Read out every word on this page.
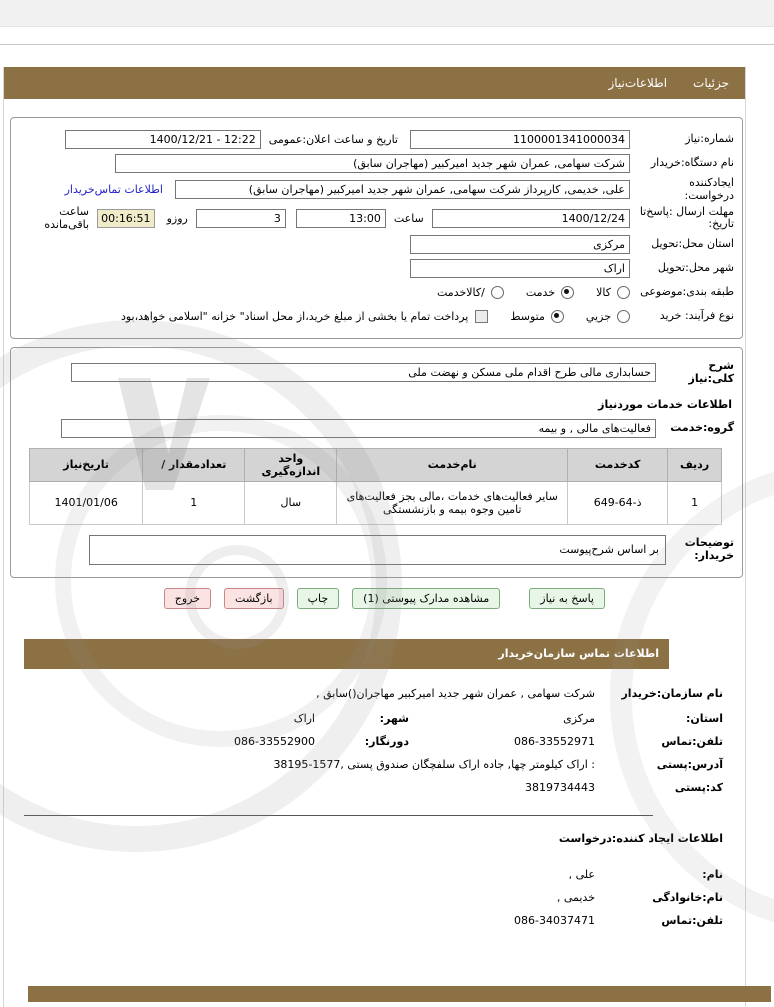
جزئیات
اطلاعات‌نیاز
شماره:نیاز
1100001341000034
تاریخ و ساعت اعلان:عمومی
1400/12/21 - 12:22
نام دستگاه:خریدار
شرکت سهامی, عمران شهر جدید امیرکبیر (مهاجران سابق)
ایجادکننده
درخواست:
علی, خدیمی, کارپرداز شرکت سهامی, عمران شهر جدید امیرکبیر (مهاجران سابق)
اطلاعات تماس‌خریدار
مهلت ارسال :پاسخ‌تا
تاریخ:
1400/12/24
ساعت
13:00
3
روزو
00:16:51
ساعت باقی‌مانده
استان محل:تحویل
مرکزی
شهر محل:تحویل
اراک
طبقه بندی:موضوعی
کالا
خدمت
/کالاخدمت
نوع فرآیند: خرید
جزیي
متوسط
پرداخت تمام یا بخشی از مبلغ خرید،از محل اسناد" خزانه "اسلامی خواهد،بود
شرح کلی:نیاز
حسابداری مالی طرح اقدام ملی مسکن و نهضت ملی
اطلاعات خدمات موردنیاز
گروه:خدمت
فعالیت‌های مالی , و بیمه
ردیف	کدخدمت	نام‌خدمت	واحد اندازه‌گیری	تعدادمقدار /	تاریخ‌نیاز
1	649-64-ذ	سایر فعالیت‌های خدمات ،مالی بجز فعالیت‌های تامین وجوه بیمه و بازنشستگی	سال	1	1401/01/06
توضیحات
خریدار:
بر اساس شرح‌پیوست
پاسخ به نیاز
مشاهده مدارک پیوستی (1)
چاپ
بازگشت
خروج
اطلاعات تماس سازمان‌خریدار
نام سازمان:خریدار
شرکت سهامی , عمران شهر جدید امیرکبیر مهاجران()سابق ,
استان:
مرکزی
شهر:
اراک
تلفن:تماس
086-33552971
دورنگار:
086-33552900
آدرس:پستی
: اراک کیلومتر چها, جاده اراک سلفچگان صندوق پستی ,1577-38195
کد:پستی
3819734443
اطلاعات ایجاد کننده:درخواست
نام:
علی ,
نام:خانوادگی
خدیمی ,
تلفن:تماس
086-34037471
